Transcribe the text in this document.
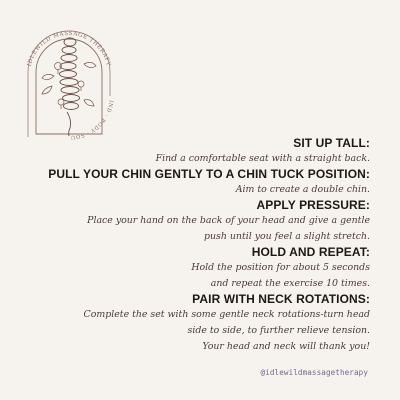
IDLEWILD MASSAGE THERAPY
IND · BODY · SOU	SIT UP TALL:

Find a comfortable seat with a straight back.

PULL YOUR CHIN GENTLY TO A CHIN TUCK POSITION:

Aim to create a double chin.

APPLY PRESSURE:

Place your hand on the back of your head and give a gentle
push until you feel a slight stretch.

HOLD AND REPEAT:

Hold the position for about 5 seconds
and repeat the exercise 10 times.

PAIR WITH NECK ROTATIONS:

Complete the set with some gentle neck rotations-turn head
side to side, to further relieve tension.
Your head and neck will thank you!

@idlewildmassagetherapy
